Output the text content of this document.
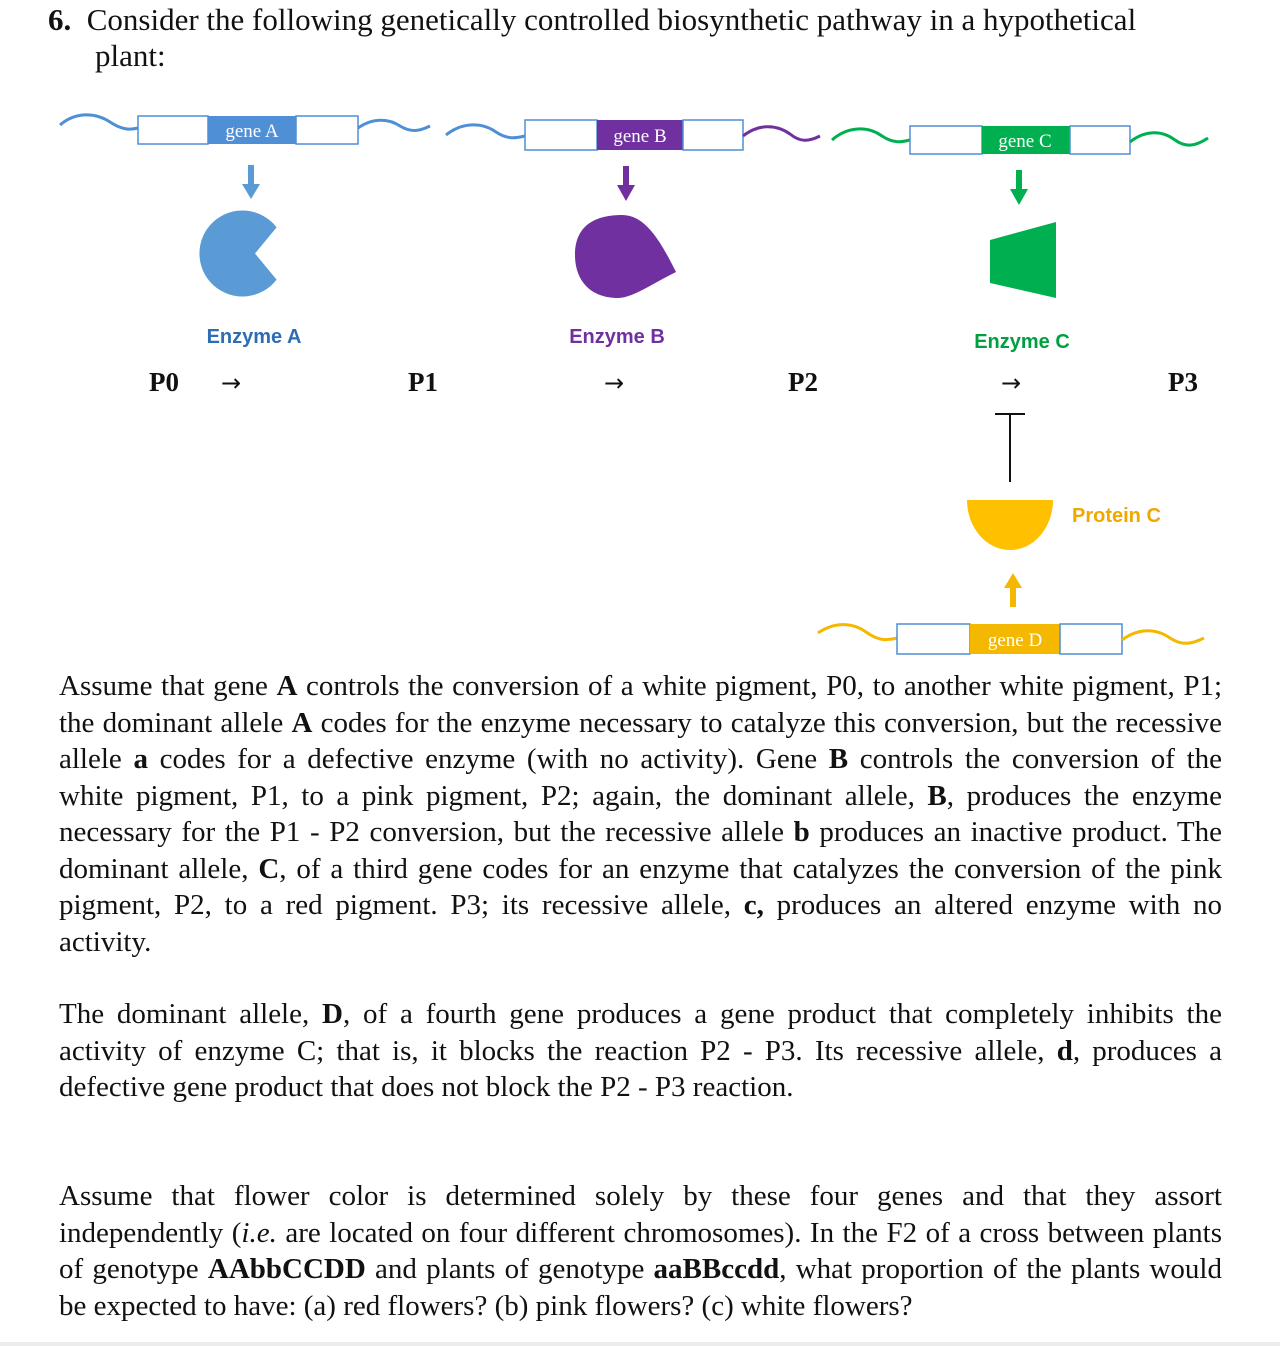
6. Consider the following genetically controlled biosynthetic pathway in a hypothetical
plant:
gene A	gene B	gene C
Enzyme A	Enzyme B	Enzyme C
P0 →	P1	→	P2	→	P3
Protein C
gene D

Assume that gene A controls the conversion of a white pigment, P0, to another white pigment, P1; the dominant allele A codes for the enzyme necessary to catalyze this conversion, but the recessive allele a codes for a defective enzyme (with no activity). Gene B controls the conversion of the white pigment, P1, to a pink pigment, P2; again, the dominant allele, B, produces the enzyme necessary for the P1 - P2 conversion, but the recessive allele b produces an inactive product. The dominant allele, C, of a third gene codes for an enzyme that catalyzes the conversion of the pink pigment, P2, to a red pigment. P3; its recessive allele, c, produces an altered enzyme with no activity.

The dominant allele, D, of a fourth gene produces a gene product that completely inhibits the activity of enzyme C; that is, it blocks the reaction P2 - P3. Its recessive allele, d, produces a defective gene product that does not block the P2 - P3 reaction.

Assume that flower color is determined solely by these four genes and that they assort independently (i.e. are located on four different chromosomes). In the F2 of a cross between plants of genotype AAbbCCDD and plants of genotype aaBBccdd, what proportion of the plants would be expected to have: (a) red flowers? (b) pink flowers? (c) white flowers?
